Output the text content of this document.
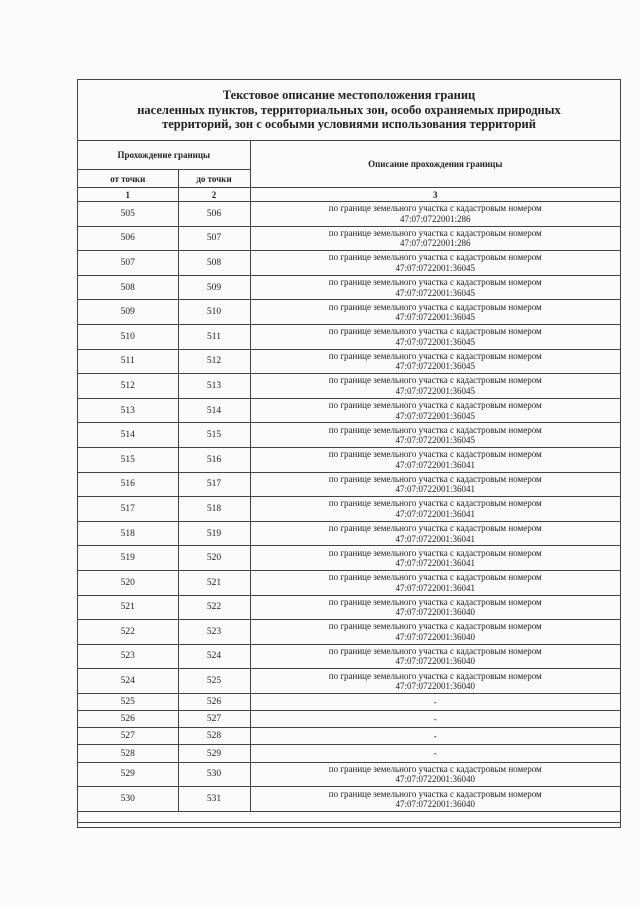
Текстовое описание местоположения границ
населенных пунктов, территориальных зон, особо охраняемых природных
территорий, зон с особыми условиями использования территорий
Прохождение границы		Описание прохождения границы
от точки	до точки	
1	2	3
505	506	по границе земельного участка с кадастровым номером
47:07:0722001:286

506	507	по границе земельного участка с кадастровым номером
47:07:0722001:286

507	508	по границе земельного участка с кадастровым номером
47:07:0722001:36045

508	509	по границе земельного участка с кадастровым номером
47:07:0722001:36045

509	510	по границе земельного участка с кадастровым номером
47:07:0722001:36045

510	511	по границе земельного участка с кадастровым номером
47:07:0722001:36045

511	512	по границе земельного участка с кадастровым номером
47:07:0722001:36045

512	513	по границе земельного участка с кадастровым номером
47:07:0722001:36045

513	514	по границе земельного участка с кадастровым номером
47:07:0722001:36045

514	515	по границе земельного участка с кадастровым номером
47:07:0722001:36045

515	516	по границе земельного участка с кадастровым номером
47:07:0722001:36041

516	517	по границе земельного участка с кадастровым номером
47:07:0722001:36041

517	518	по границе земельного участка с кадастровым номером
47:07:0722001:36041

518	519	по границе земельного участка с кадастровым номером
47:07:0722001:36041

519	520	по границе земельного участка с кадастровым номером
47:07:0722001:36041

520	521	по границе земельного участка с кадастровым номером
47:07:0722001:36041

521	522	по границе земельного участка с кадастровым номером
47:07:0722001:36040

522	523	по границе земельного участка с кадастровым номером
47:07:0722001:36040

523	524	по границе земельного участка с кадастровым номером
47:07:0722001:36040

524	525	по границе земельного участка с кадастровым номером
47:07:0722001:36040

525	526	-

526	527	-

527	528	-

528	529	-

529	530	по границе земельного участка с кадастровым номером
47:07:0722001:36040

530	531	по границе земельного участка с кадастровым номером
47:07:0722001:36040
